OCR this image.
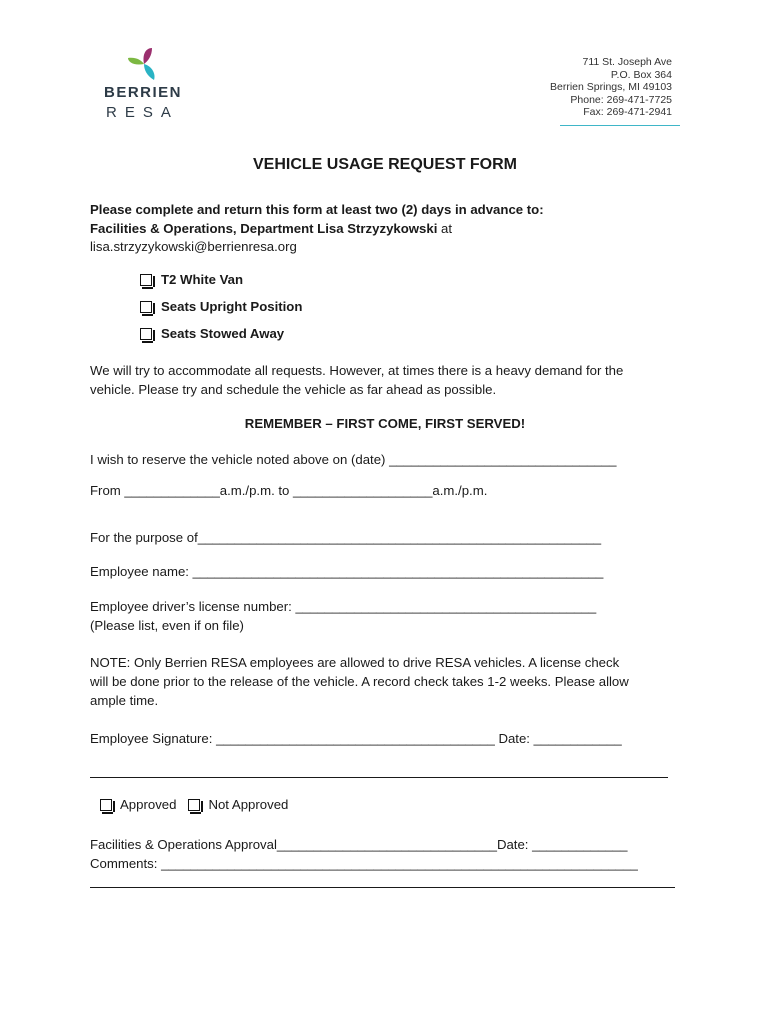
BERRIEN
RESA
711 St. Joseph Ave
P.O. Box 364
Berrien Springs, MI 49103
Phone: 269-471-7725
Fax: 269-471-2941
VEHICLE USAGE REQUEST FORM
Please complete and return this form at least two (2) days in advance to:
Facilities & Operations, Department Lisa Strzyzykowski at
lisa.strzyzykowski@berrienresa.org
T2 White Van
Seats Upright Position
Seats Stowed Away
We will try to accommodate all requests. However, at times there is a heavy demand for the
vehicle. Please try and schedule the vehicle as far ahead as possible.
REMEMBER – FIRST COME, FIRST SERVED!
I wish to reserve the vehicle noted above on (date) _______________________________
From _____________a.m./p.m. to ___________________a.m./p.m.
For the purpose of_______________________________________________________
Employee name: ________________________________________________________
Employee driver’s license number: _________________________________________
(Please list, even if on file)
NOTE: Only Berrien RESA employees are allowed to drive RESA vehicles. A license check
will be done prior to the release of the vehicle. A record check takes 1-2 weeks. Please allow
ample time.
Employee Signature: ______________________________________ Date: ____________
Approved Not Approved
Facilities & Operations Approval______________________________Date: _____________
Comments: _________________________________________________________________
